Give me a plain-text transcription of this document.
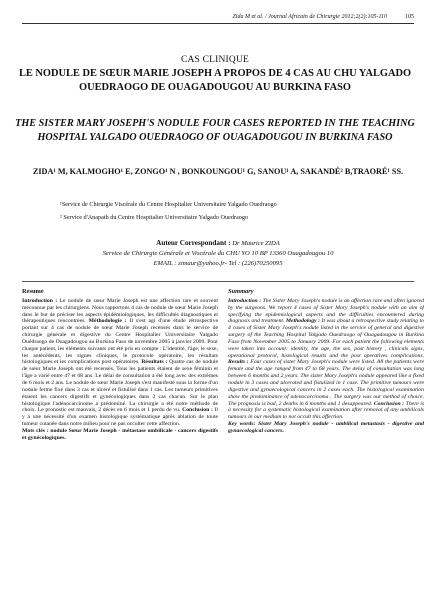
Zida M et al. / Journal Africain de Chirurgie 2012;2(2):105-110	105
CAS CLINIQUE
LE NODULE DE SŒUR MARIE JOSEPH A PROPOS DE 4 CAS AU CHU YALGADO OUEDRAOGO DE OUAGADOUGOU AU BURKINA FASO
THE SISTER MARY JOSEPH'S NODULE FOUR CASES REPORTED IN THE TEACHING HOSPITAL YALGADO OUEDRAOGO OF OUAGADOUGOU IN BURKINA FASO
ZIDA¹ M, KALMOGHO¹ E, ZONGO¹ N , BONKOUNGOU¹ G, SANOU¹ A, SAKANDÉ² B,TRAORÉ¹ SS.
¹Service de Chirurgie Viscérale du Centre Hospitalier Universitaire Yalgado Ouedraogo
² Service d'Anapath du Centre Hospitalier Universitaire Yalgado Ouedraogo
Auteur Correspondant : Dr Maurice ZIDA
Service de Chirurgie Générale et Viscérale du CHU YO 10 BP 13360 Ouagadougou 10
EMAIL : zimaur@yahoo.fr- Tel : (226)70250095
Résumé

Introduction : Le nodule de sœur Marie Joseph est une affection rare et souvent méconnue par les chirurgiens. Nous rapportons 4 cas de nodule de sœur Marie Joseph dans le but de préciser les aspects épidémiologiques, les difficultés diagnostiques et thérapeutiques rencontrées. Méthodologie : Il s'est agi d'une étude rétrospective portant sur 4 cas de nodule de sœur Marie Joseph recensés dans le service de chirurgie générale et digestive du Centre Hospitalier Universitaire Yalgado Ouédraogo de Ouagadougou au Burkina Faso de novembre 2005 à janvier 2009. Pour chaque patient, les éléments suivants ont été pris en compte : L'identité, l'âge, le sexe, les antécédents, les signes cliniques, le protocole opératoire, les résultats histologiques et les complications post opératoires. Résultats : Quatre cas de nodule de sœur Marie Joseph ont été recensés. Tous les patients étaient de sexe féminin et l'âge a varié entre 47 et 68 ans. Le délai de consultation a été long avec des extrêmes de 6 mois et 2 ans. Le nodule de sœur Marie Joseph s'est manifesté sous la forme d'un nodule ferme fixé dans 3 cas et ulcéré et fistulisé dans 1 cas. Les tumeurs primitives étaient les cancers digestifs et gynécologiques dans 2 cas chacun. Sur le plan histologique l'adénocarcinome a prédominé. La chirurgie a été notre méthode de choix. Le pronostic est mauvais, 2 décès en 6 mois et 1 perdu de vu. Conclusion : Il y a une nécessité d'un examen histologique systématique après ablation de toute tumeur cutanée dans notre milieu pour ne pas occulter cette affection.

Mots clés : nodule Sœur Marie Joseph - métastase ombilicale - cancers digestifs et gynécologiques.

Summary

Introduction : The Sister Mary Joseph's nodule is an affection rare and often ignored by the surgeons. We report 4 cases of Sister Mary Joseph's nodule with an aim of specifying the epidemiological aspects and the difficulties encountered during diagnosis and treatment. Methodology : It was about a retrospective study relating to 4 cases of Sister Mary Joseph's nodule listed in the service of general and digestive surgery of the Teaching Hospital Yalgado Ouedraogo of Ouagadougou in Burkina Faso from November 2005 to January 2009. For each patient the following elements were taken into account: identity, the age, the sex, past history , clinicals signs, operational protocol, histological results and the post operatives complications. Results : Four cases of sister Mary Joseph's nodule were listed. All the patients were female and the age ranged from 47 to 68 years. The delay of consultation was long between 6 months and 2 years. The sister Mary Joseph's nodule appeared like a fixed nodule in 3 cases and ulcerated and fistulized in 1 case. The primitive tumours were digestive and gynaecological cancers in 2 cases each. The histological examination show the predominance of adenocarcinoma . The surgery was our method of choice. The prognosis is bad, 2 deaths in 6 months and 1 desappeared. Conclusion : There is a necessity for a systematic histological examination after removal of any umbilicals tumours in our medium to not occult this affection.

Key words: Sister Mary Joseph's nodule - umbilical metastasis - digestive and gynaecological cancers.
